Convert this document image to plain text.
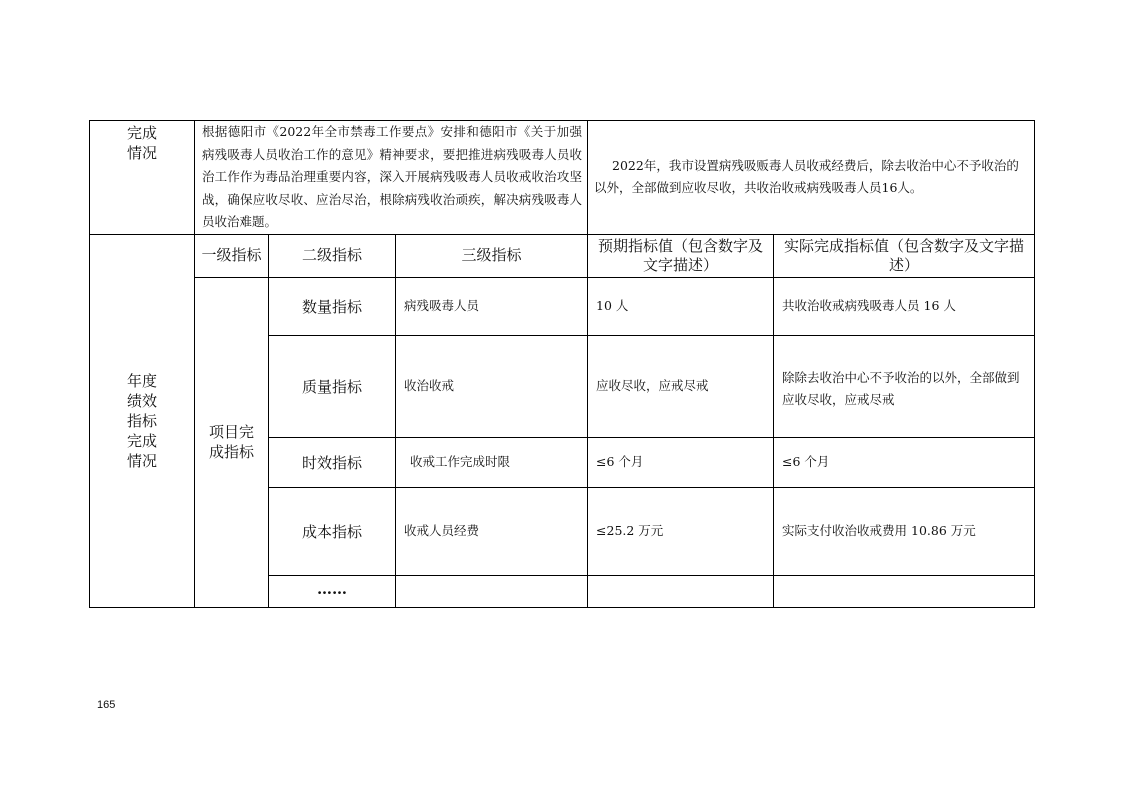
完成
情况	根据德阳市《2022年全市禁毒工作要点》安排和德阳市《关于加强病残吸毒人员收治工作的意见》精神要求，要把推进病残吸毒人员收治工作作为毒品治理重要内容，深入开展病残吸毒人员收戒收治攻坚战，确保应收尽收、应治尽治，根除病残收治顽疾，解决病残吸毒人员收治难题。			2022年，我市设置病残吸贩毒人员收戒经费后，除去收治中心不予收治的以外，全部做到应收尽收，共收治收戒病残吸毒人员16人。	

年度
绩效
指标
完成
情况	一级指标	二级指标	三级指标	预期指标值（包含数字及文字描述）	实际完成指标值（包含数字及文字描述）
	项目完成指标	数量指标	病残吸毒人员	10 人	共收治收戒病残吸毒人员 16 人
		质量指标	收治收戒	应收尽收，应戒尽戒	除除去收治中心不予收治的以外，全部做到应收尽收，应戒尽戒
		时效指标	收戒工作完成时限	≤6 个月	≤6 个月
		成本指标	收戒人员经费	≤25.2 万元	实际支付收治收戒费用 10.86 万元
		……			
165
